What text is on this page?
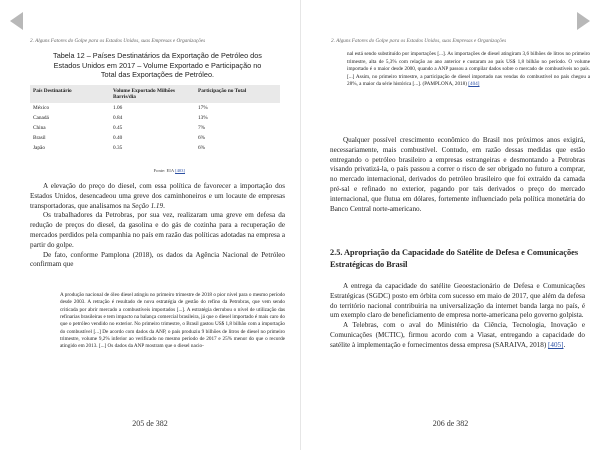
2. Alguns Fatores do Golpe para os Estados Unidos, suas Empresas e Organizações
Tabela 12 – Países Destinatários da Exportação de Petróleo dos
Estados Unidos em 2017 – Volume Exportado e Participação no
Total das Exportações de Petróleo.
País Destinatário	Volume Exportado Milhões Barris/dia	Participação no Total
México	1.06	17%
Canadá	0.84	13%
China	0.45	7%
Brasil	0.40	6%
Japão	0.35	6%
Fonte: EIA [403]

A elevação do preço do diesel, com essa política de favorecer a importação dos Estados Unidos, desencadeou uma greve dos caminhoneiros e um locaute de empresas transportadoras, que analisamos na Seção 1.19.

Os trabalhadores da Petrobras, por sua vez, realizaram uma greve em defesa da redução de preços do diesel, da gasolina e do gás de cozinha para a recuperação de mercados perdidos pela companhia no país em razão das políticas adotadas na empresa a partir do golpe.

De fato, conforme Pamplona (2018), os dados da Agência Nacional de Petróleo confirmam que

A produção nacional de óleo diesel atingiu no primeiro trimestre de 2018 o pior nível para o mesmo período desde 2003. A retração é resultado de nova estratégia de gestão do refino da Petrobras, que vem sendo criticada por abrir mercado a combustíveis importados [...]. A estratégia derrubou o nível de utilização das refinarias brasileiras e tem impacto na balança comercial brasileira, já que o diesel importado é mais caro do que o petróleo vendido no exterior. No primeiro trimestre, o Brasil gastou US$ 1,8 bilhão com a importação do combustível [...] De acordo com dados da ANP, o país produziu 9 bilhões de litros de diesel no primeiro trimestre, volume 9,2% inferior ao verificado no mesmo período de 2017 e 25% menor do que o recorde atingido em 2013. [...] Os dados da ANP mostram que o diesel nacio-

205 de 382
2. Alguns Fatores do Golpe para os Estados Unidos, suas Empresas e Organizações
206 de 382
nal está sendo substituído por importações [...]. As importações de diesel atingiram 3,6 bilhões de litros no primeiro trimestre, alta de 5,3% com relação ao ano anterior e custaram ao país US$ 1,8 bilhão no período. O volume importado é o maior desde 2000, quando a ANP passou a compilar dados sobre o mercado de combustíveis no país. [...] Assim, no primeiro trimestre, a participação de diesel importado nas vendas do combustível no país chegou a 28%, a maior da série histórica [...]. (PAMPLONA, 2018) [404]

Qualquer possível crescimento econômico do Brasil nos próximos anos exigirá, necessariamente, mais combustível. Contudo, em razão dessas medidas que estão entregando o petróleo brasileiro a empresas estrangeiras e desmontando a Petrobras visando privatizá-la, o país passou a correr o risco de ser obrigado no futuro a comprar, no mercado internacional, derivados do petróleo brasileiro que foi extraído da camada pré-sal e refinado no exterior, pagando por tais derivados o preço do mercado internacional, que flutua em dólares, fortemente influenciado pela política monetária do Banco Central norte-americano.

2.5. Apropriação da Capacidade do Satélite de Defesa e Comunicações Estratégicas do Brasil

A entrega da capacidade do satélite Geoestacionário de Defesa e Comunicações Estratégicas (SGDC) posto em órbita com sucesso em maio de 2017, que além da defesa do território nacional contribuiria na universalização da internet banda larga no país, é um exemplo claro de beneficiamento de empresa norte-americana pelo governo golpista.

A Telebras, com o aval do Ministério da Ciência, Tecnologia, Inovação e Comunicações (MCTIC), firmou acordo com a Viasat, entregando a capacidade do satélite à implementação e fornecimentos dessa empresa (SARAIVA, 2018) [405].
